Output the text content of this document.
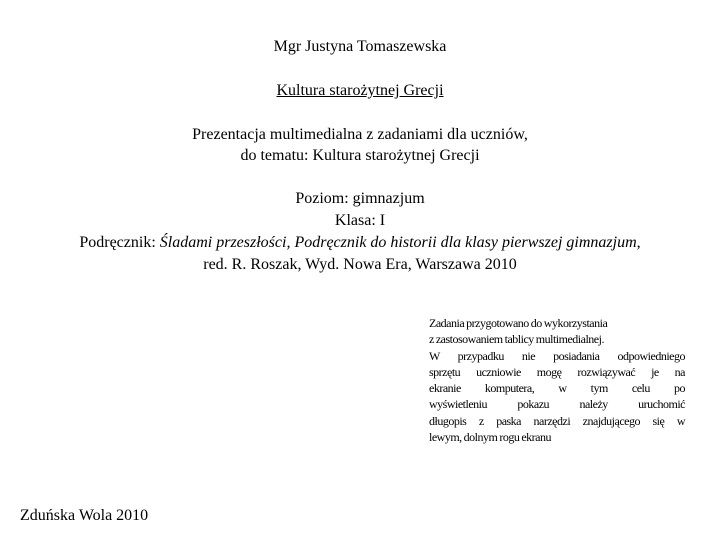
Mgr Justyna Tomaszewska
Kultura starożytnej Grecji
Prezentacja multimedialna z zadaniami dla uczniów,
do tematu: Kultura starożytnej Grecji
Poziom: gimnazjum
Klasa: I
Podręcznik: Śladami przeszłości, Podręcznik do historii dla klasy pierwszej gimnazjum,
red. R. Roszak, Wyd. Nowa Era, Warszawa 2010
Zadania przygotowano do wykorzystania
z zastosowaniem tablicy multimedialnej.
W przypadku nie posiadania odpowiedniego
sprzętu uczniowie mogę rozwiązywać je na
ekranie komputera, w tym celu po
wyświetleniu pokazu należy uruchomić
długopis z paska narzędzi znajdującego się w
lewym, dolnym rogu ekranu
Zduńska Wola 2010
